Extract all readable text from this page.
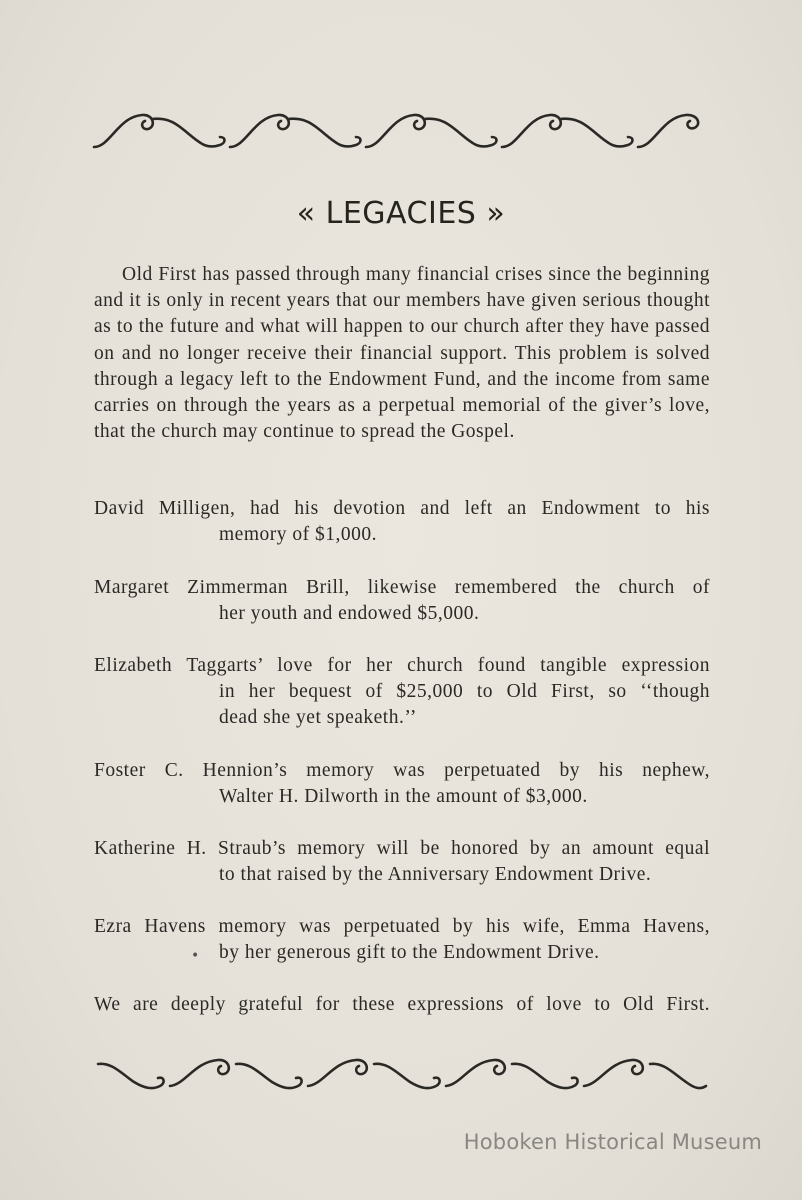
« LEGACIES »

Old First has passed through many financial crises since the beginning and it is only in recent years that our members have given serious thought as to the future and what will happen to our church after they have passed on and no longer receive their financial support. This problem is solved through a legacy left to the Endowment Fund, and the income from same carries on through the years as a perpetual memorial of the giver’s love, that the church may continue to spread the Gospel.

David Milligen, had his devotion and left an Endowment to his
memory of $1,000.
Margaret Zimmerman Brill, likewise remembered the church of
her youth and endowed $5,000.
Elizabeth Taggarts’ love for her church found tangible expression
in her bequest of $25,000 to Old First, so ‘‘though
dead she yet speaketh.’’
Foster C. Hennion’s memory was perpetuated by his nephew,
Walter H. Dilworth in the amount of $3,000.
Katherine H. Straub’s memory will be honored by an amount equal
to that raised by the Anniversary Endowment Drive.
Ezra Havens memory was perpetuated by his wife, Emma Havens,
by her generous gift to the Endowment Drive.
•
We are deeply grateful for these expressions of love to Old First.
Hoboken Historical Museum
